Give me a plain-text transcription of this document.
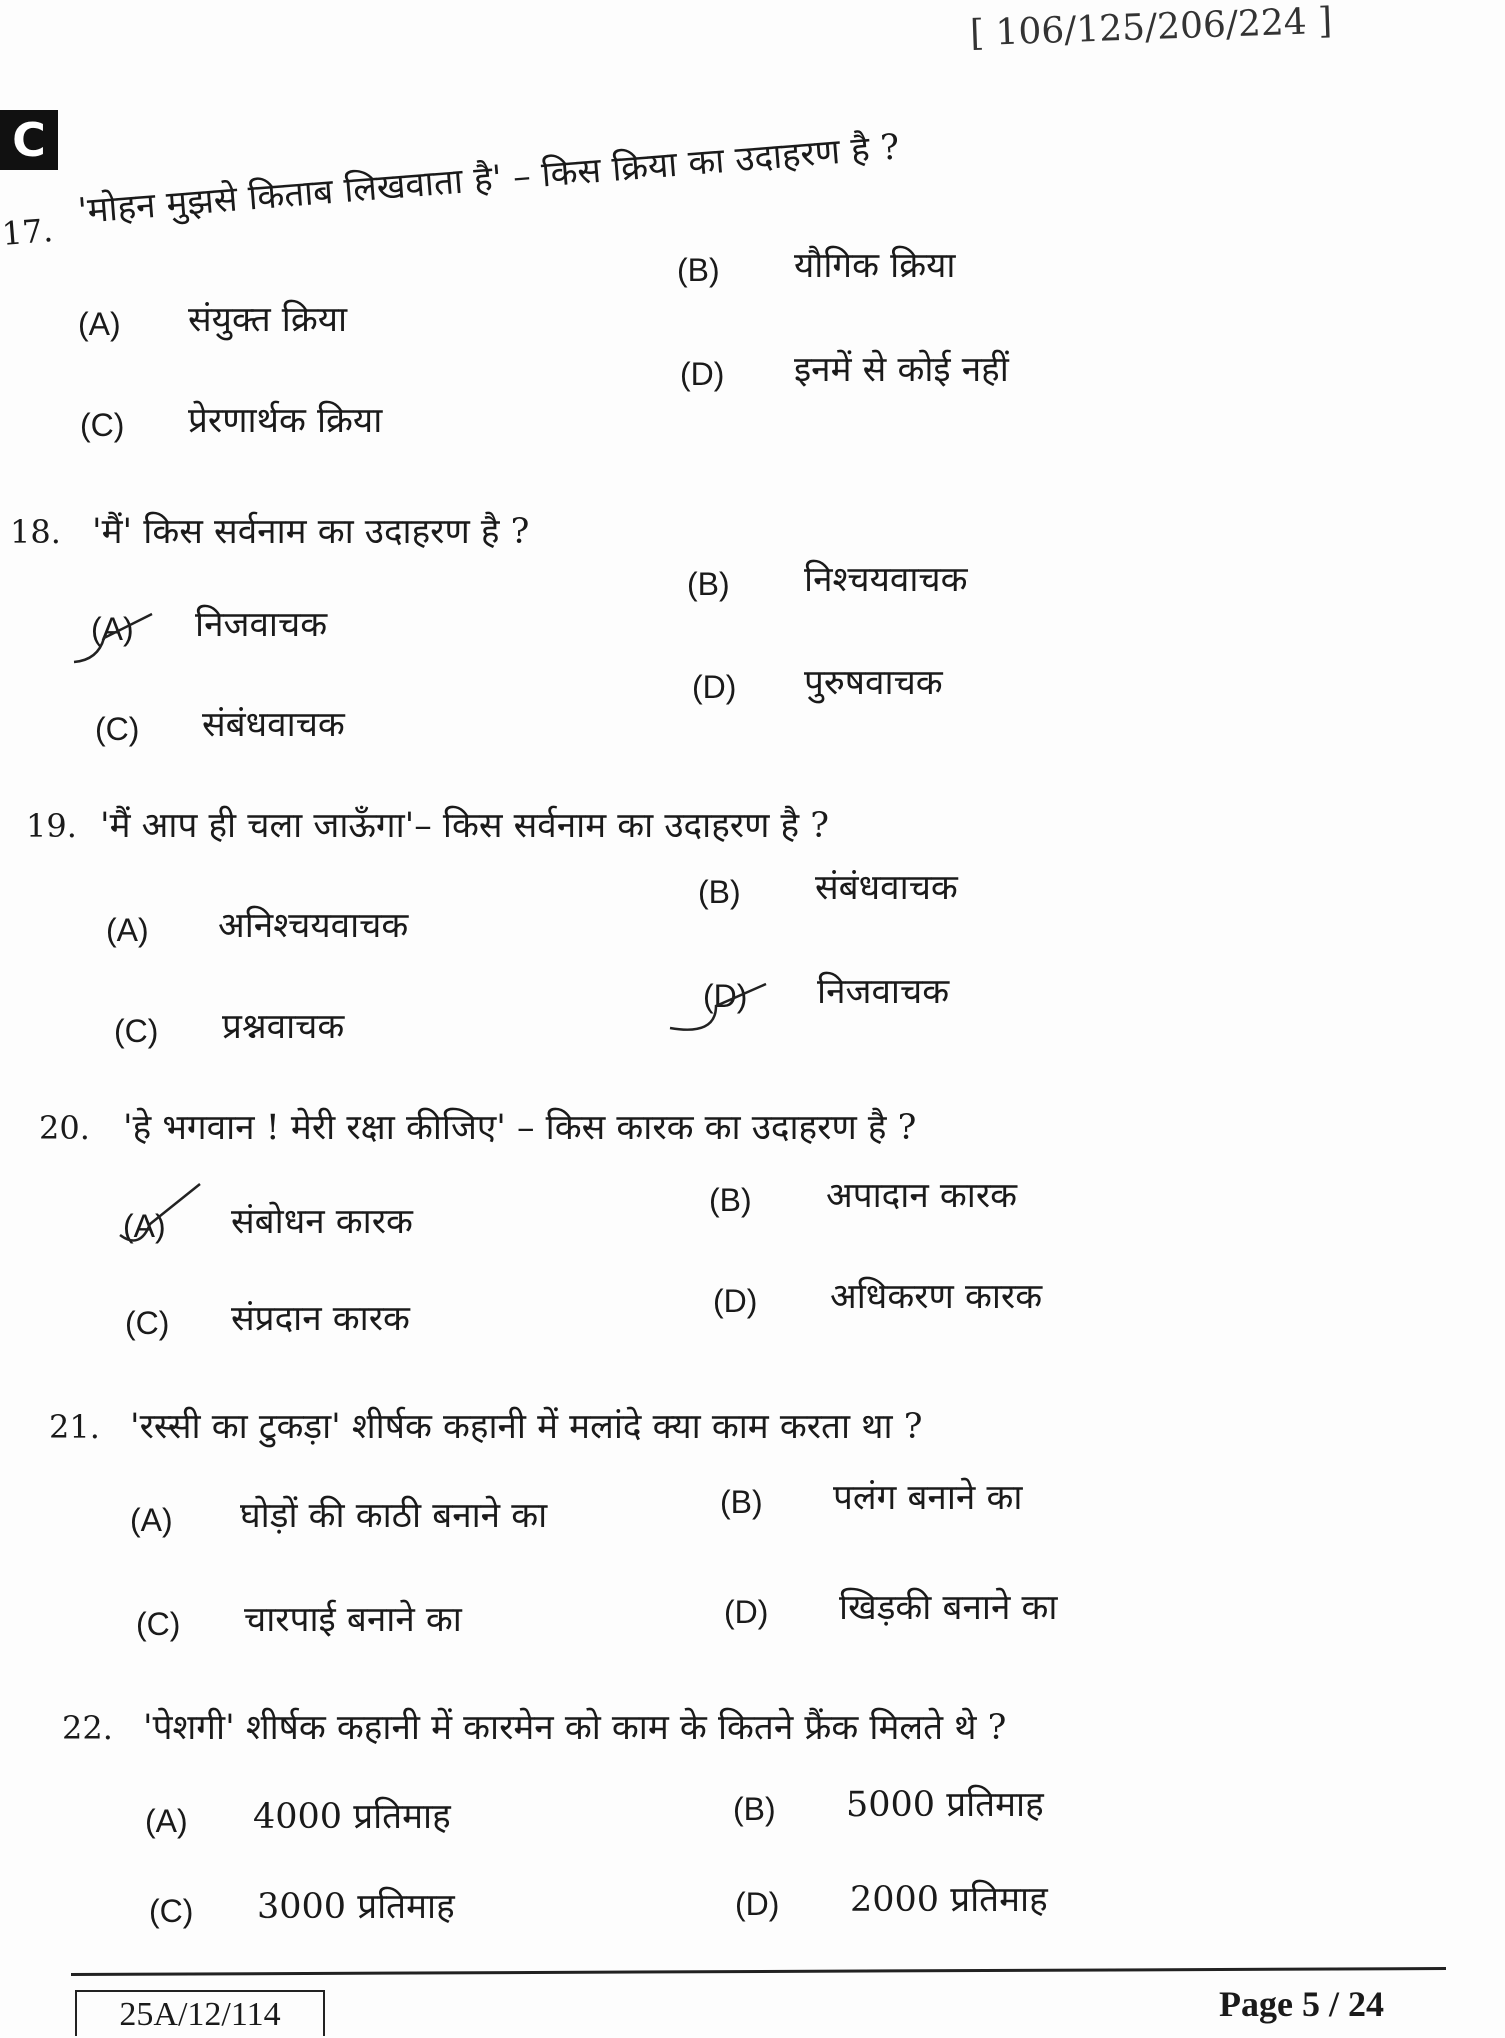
[ 106/125/206/224 ]
C
17.
'मोहन मुझसे किताब लिखवाता है' – किस क्रिया का उदाहरण है ?
(A) संयुक्त क्रिया
(B) यौगिक क्रिया
(C) प्रेरणार्थक क्रिया
(D) इनमें से कोई नहीं
18. 'मैं' किस सर्वनाम का उदाहरण है ?
(A) निजवाचक
(B) निश्चयवाचक
(C) संबंधवाचक
(D) पुरुषवाचक
19. 'मैं आप ही चला जाऊँगा'– किस सर्वनाम का उदाहरण है ?
(A) अनिश्चयवाचक
(B) संबंधवाचक
(C) प्रश्नवाचक
(D) निजवाचक
20. 'हे भगवान ! मेरी रक्षा कीजिए' – किस कारक का उदाहरण है ?
(A) संबोधन कारक
(B) अपादान कारक
(C) संप्रदान कारक	(D) अधिकरण कारक
21. 'रस्सी का टुकड़ा' शीर्षक कहानी में मलांदे क्या काम करता था ?
(A) घोड़ों की काठी बनाने का	(B) पलंग बनाने का
(C) चारपाई बनाने का	(D) खिड़की बनाने का
22. 'पेशगी' शीर्षक कहानी में कारमेन को काम के कितने फ्रैंक मिलते थे ?
(A) 4000 प्रतिमाह	(B) 5000 प्रतिमाह
(C) 3000 प्रतिमाह	(D) 2000 प्रतिमाह
25A/12/114	Page 5 / 24
